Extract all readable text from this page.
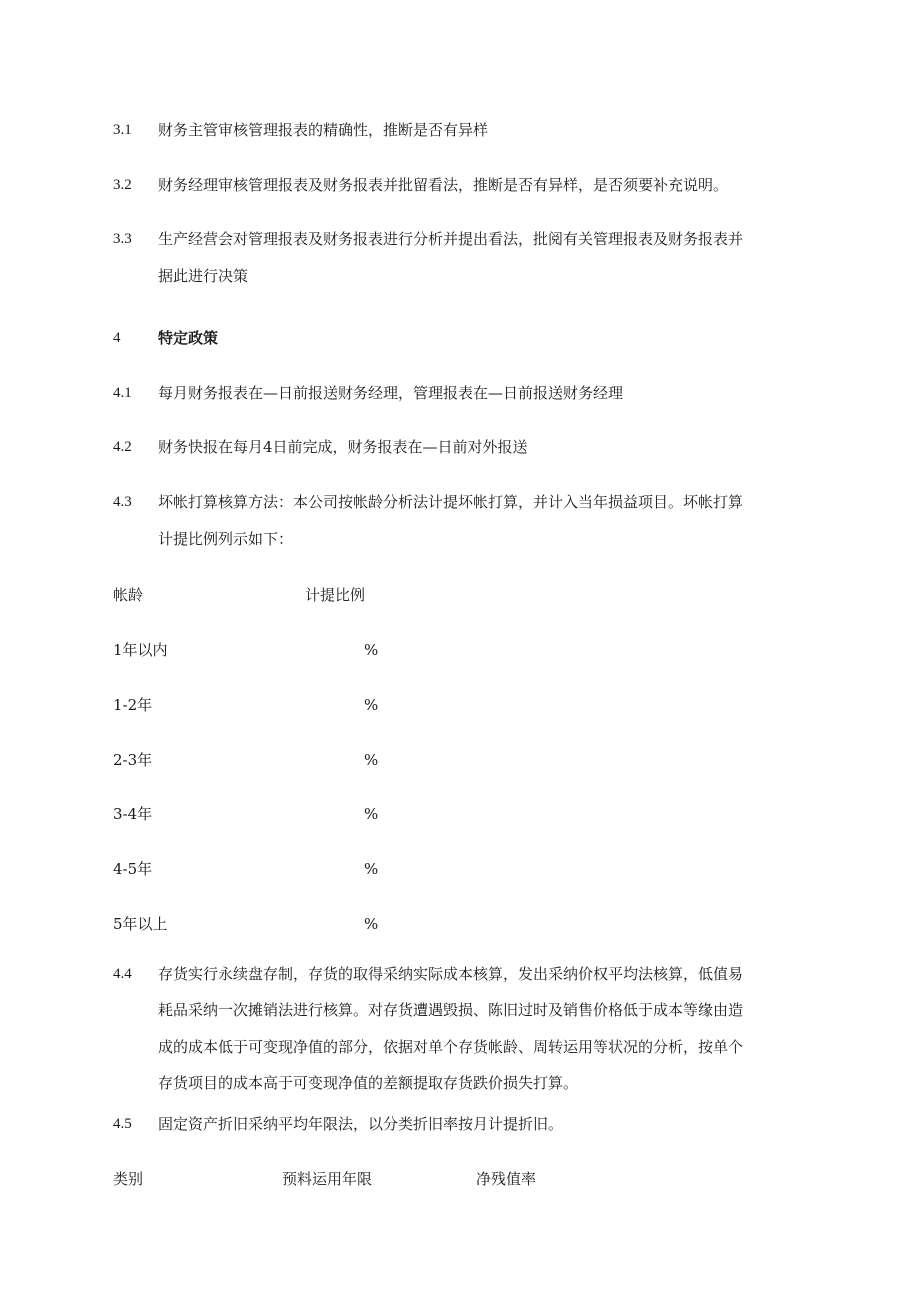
3.1 财务主管审核管理报表的精确性，推断是否有异样
3.2 财务经理审核管理报表及财务报表并批留看法，推断是否有异样，是否须要补充说明。
3.3 生产经营会对管理报表及财务报表进行分析并提出看法，批阅有关管理报表及财务报表并
据此进行决策
4	特定政策
4.1 每月财务报表在—日前报送财务经理，管理报表在—日前报送财务经理
4.2 财务快报在每月4日前完成，财务报表在—日前对外报送
4.3 坏帐打算核算方法：本公司按帐龄分析法计提坏帐打算，并计入当年损益项目。坏帐打算
计提比例列示如下：
帐龄	计提比例
1年以内	%
1-2年	%
2-3年	%
3-4年	%
4-5年	%
5年以上	%
4.4 存货实行永续盘存制，存货的取得采纳实际成本核算，发出采纳价权平均法核算，低值易
耗品采纳一次摊销法进行核算。对存货遭遇毁损、陈旧过时及销售价格低于成本等缘由造
成的成本低于可变现净值的部分，依据对单个存货帐龄、周转运用等状况的分析，按单个
存货项目的成本高于可变现净值的差额提取存货跌价损失打算。
4.5 固定资产折旧采纳平均年限法，以分类折旧率按月计提折旧。
类别	预料运用年限	净残值率
